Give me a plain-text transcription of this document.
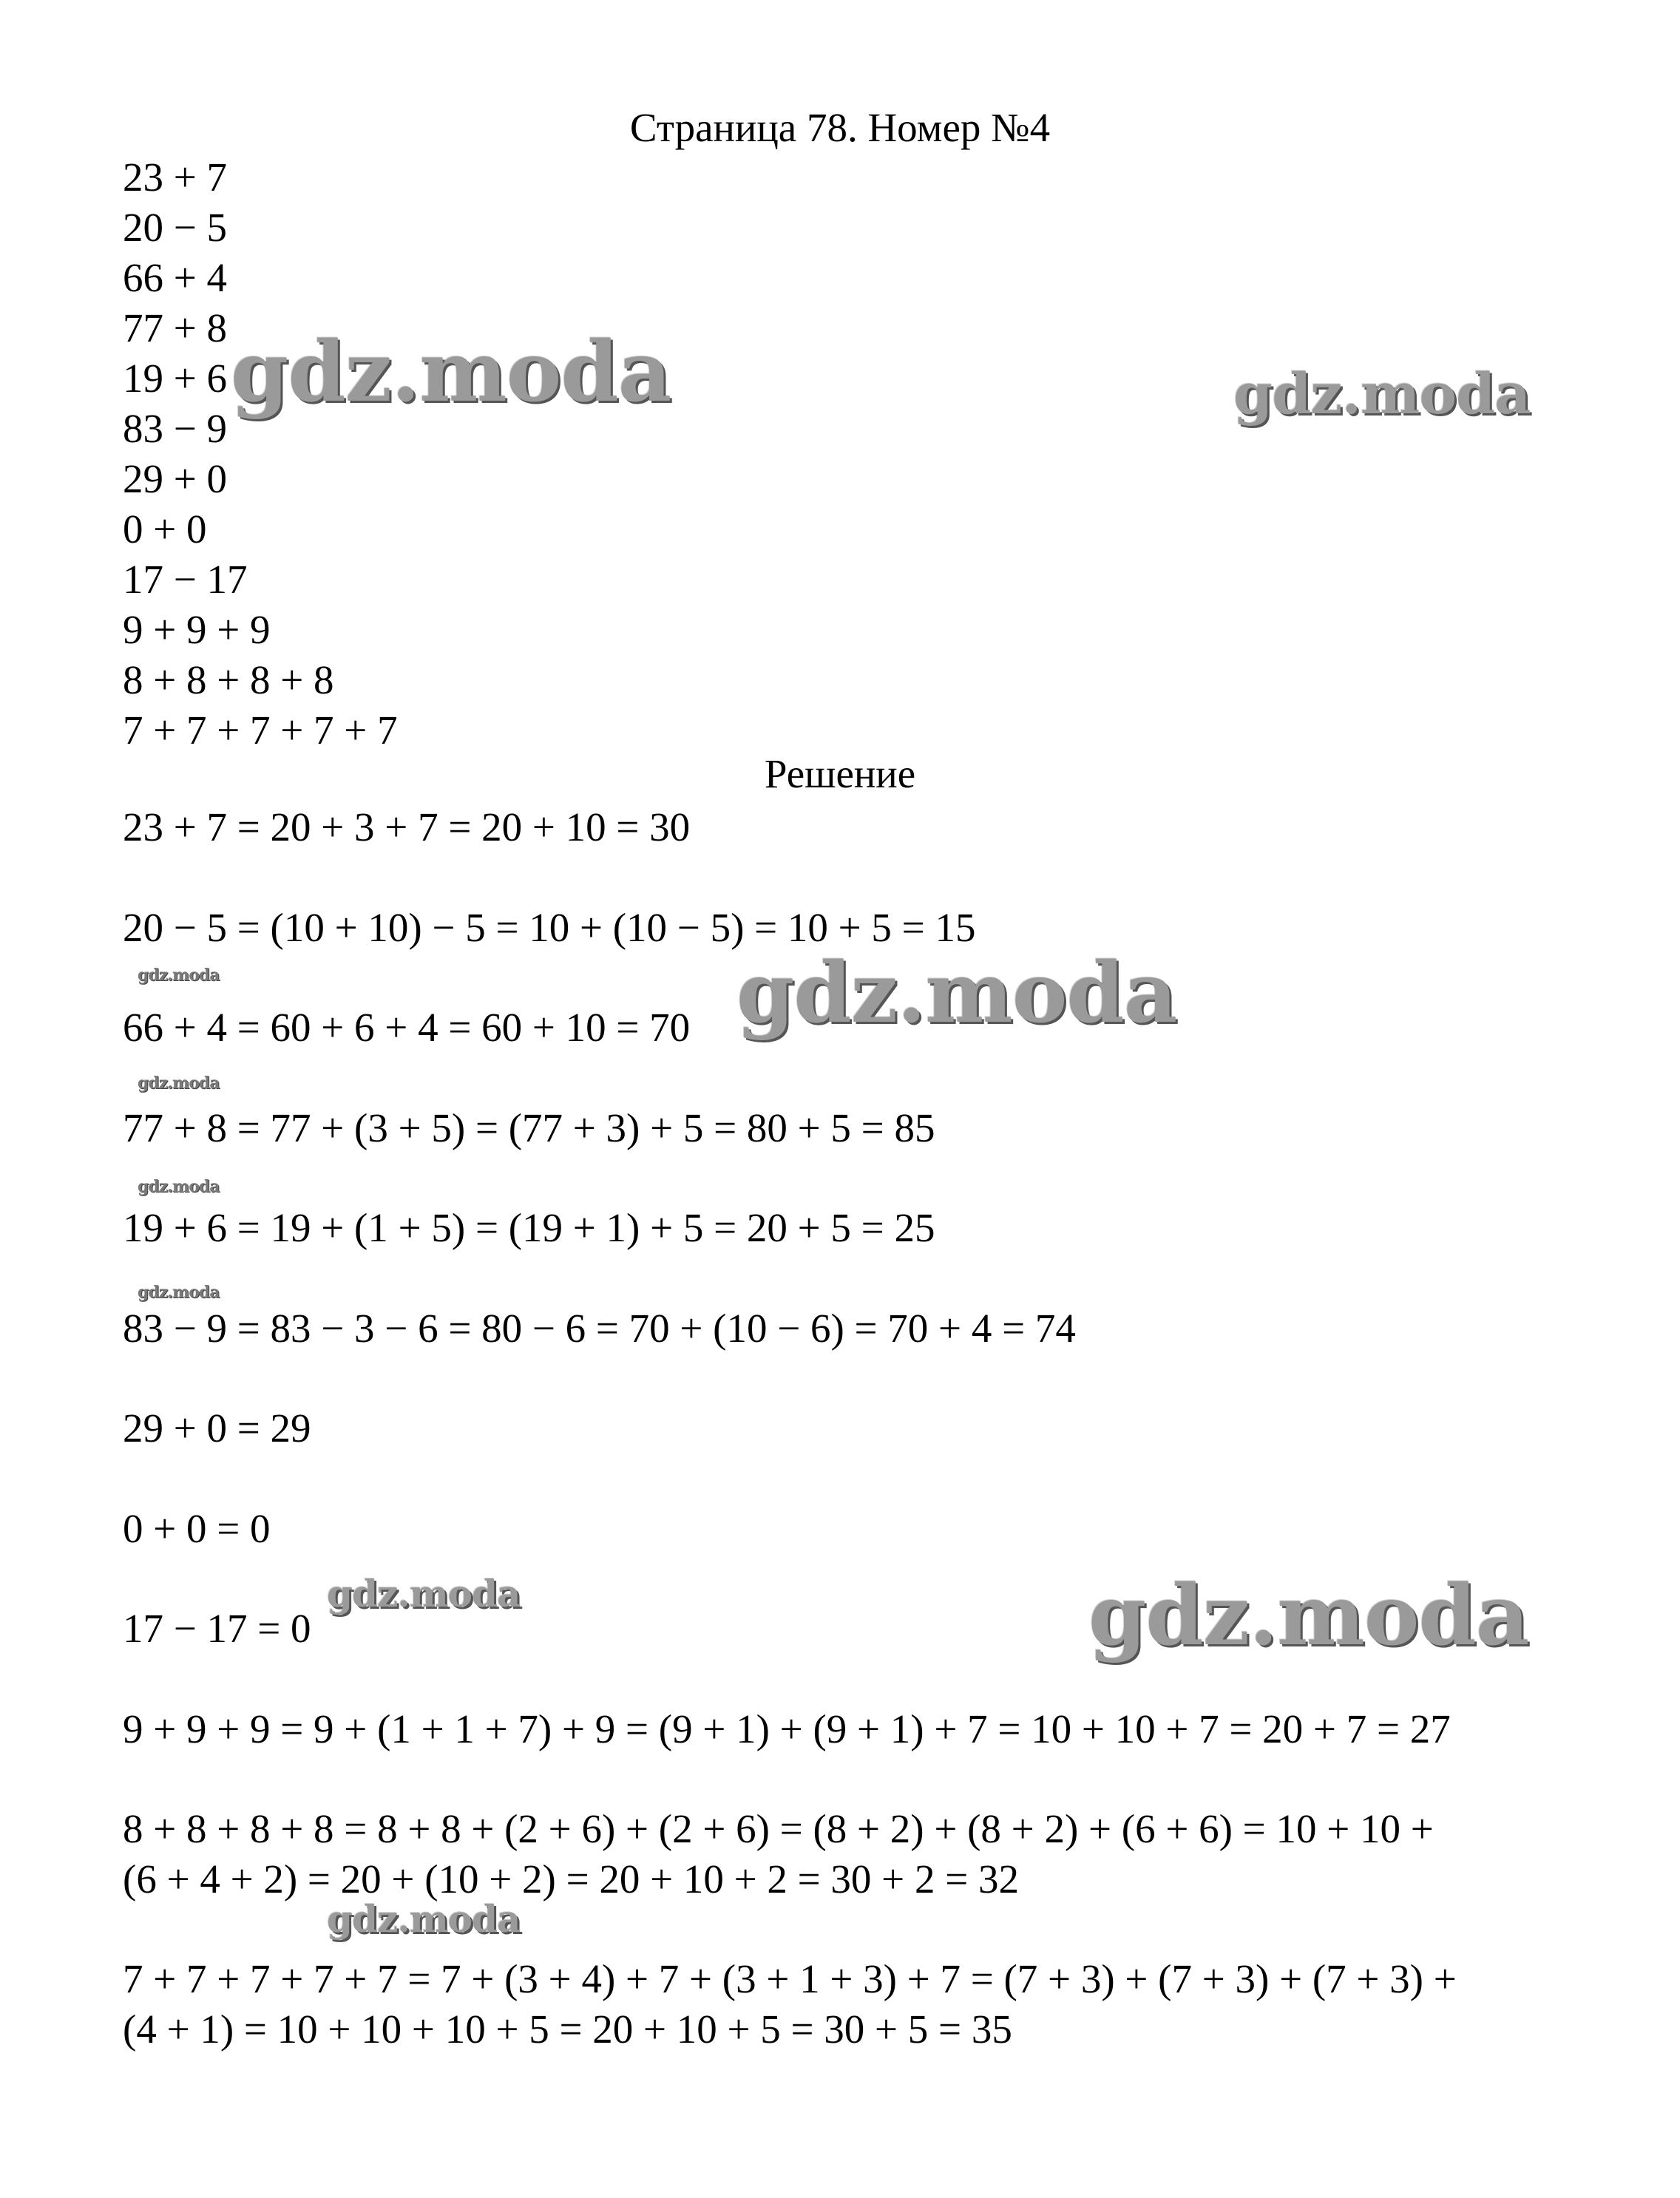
Страница 78. Номер №4
23 + 7
20 − 5
66 + 4
77 + 8
19 + 6
83 − 9
29 + 0
0 + 0
17 − 17
9 + 9 + 9
8 + 8 + 8 + 8
7 + 7 + 7 + 7 + 7
Решение
23 + 7 = 20 + 3 + 7 = 20 + 10 = 30
20 − 5 = (10 + 10) − 5 = 10 + (10 − 5) = 10 + 5 = 15
66 + 4 = 60 + 6 + 4 = 60 + 10 = 70
77 + 8 = 77 + (3 + 5) = (77 + 3) + 5 = 80 + 5 = 85
19 + 6 = 19 + (1 + 5) = (19 + 1) + 5 = 20 + 5 = 25
83 − 9 = 83 − 3 − 6 = 80 − 6 = 70 + (10 − 6) = 70 + 4 = 74
29 + 0 = 29
0 + 0 = 0
17 − 17 = 0
9 + 9 + 9 = 9 + (1 + 1 + 7) + 9 = (9 + 1) + (9 + 1) + 7 = 10 + 10 + 7 = 20 + 7 = 27
8 + 8 + 8 + 8 = 8 + 8 + (2 + 6) + (2 + 6) = (8 + 2) + (8 + 2) + (6 + 6) = 10 + 10 +
(6 + 4 + 2) = 20 + (10 + 2) = 20 + 10 + 2 = 30 + 2 = 32
7 + 7 + 7 + 7 + 7 = 7 + (3 + 4) + 7 + (3 + 1 + 3) + 7 = (7 + 3) + (7 + 3) + (7 + 3) +
(4 + 1) = 10 + 10 + 10 + 5 = 20 + 10 + 5 = 30 + 5 = 35
gdz.moda	gdz.moda
gdz.moda	gdz.moda
gdz.moda
gdz.moda
gdz.moda
gdz.moda	gdz.moda
gdz.moda
